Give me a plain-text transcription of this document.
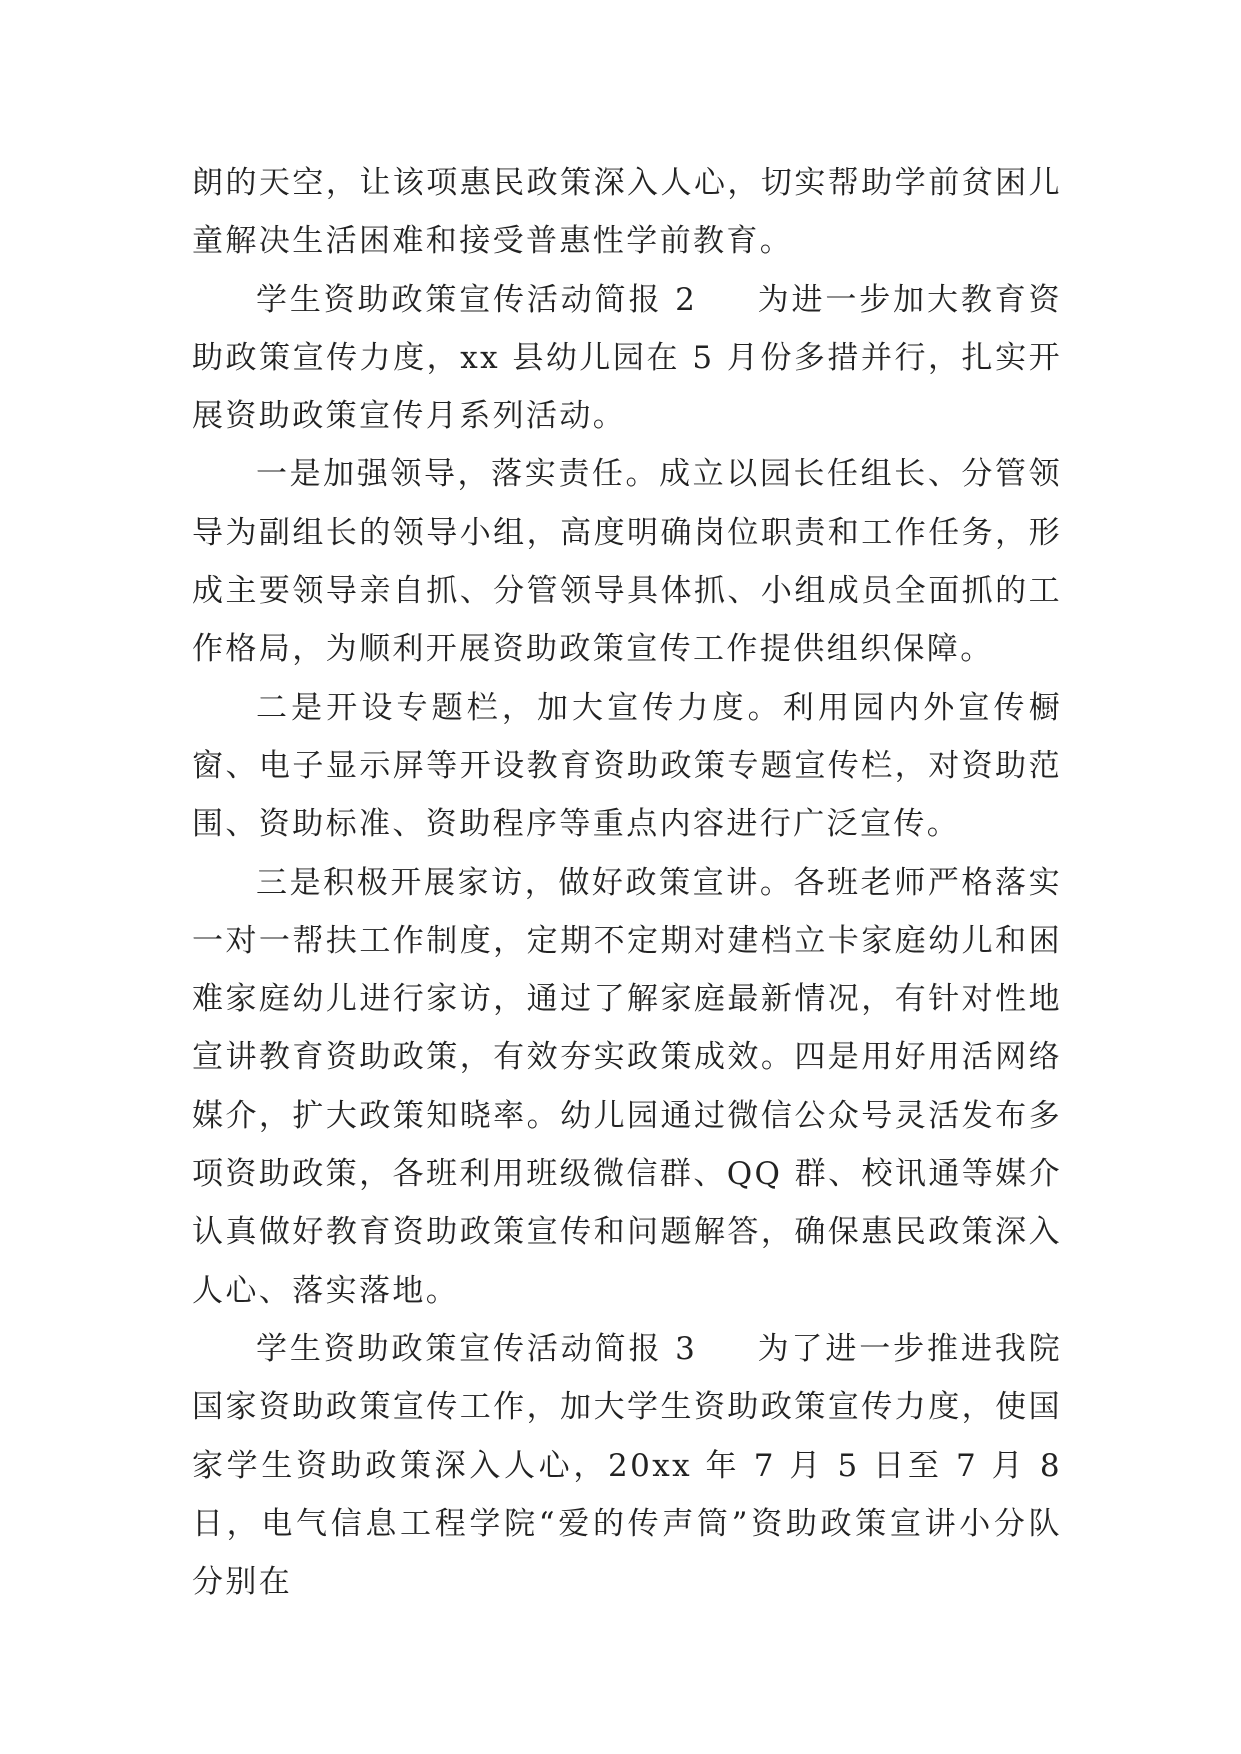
朗的天空，让该项惠民政策深入人心，切实帮助学前贫困儿童解决生活困难和接受普惠性学前教育。

学生资助政策宣传活动简报 2 为进一步加大教育资助政策宣传力度，xx 县幼儿园在 5 月份多措并行，扎实开展资助政策宣传月系列活动。

一是加强领导，落实责任。成立以园长任组长、分管领导为副组长的领导小组，高度明确岗位职责和工作任务，形成主要领导亲自抓、分管领导具体抓、小组成员全面抓的工作格局，为顺利开展资助政策宣传工作提供组织保障。

二是开设专题栏，加大宣传力度。利用园内外宣传橱窗、电子显示屏等开设教育资助政策专题宣传栏，对资助范围、资助标准、资助程序等重点内容进行广泛宣传。

三是积极开展家访，做好政策宣讲。各班老师严格落实一对一帮扶工作制度，定期不定期对建档立卡家庭幼儿和困难家庭幼儿进行家访，通过了解家庭最新情况，有针对性地宣讲教育资助政策，有效夯实政策成效。四是用好用活网络媒介，扩大政策知晓率。幼儿园通过微信公众号灵活发布多项资助政策，各班利用班级微信群、QQ 群、校讯通等媒介认真做好教育资助政策宣传和问题解答，确保惠民政策深入人心、落实落地。

学生资助政策宣传活动简报 3 为了进一步推进我院国家资助政策宣传工作，加大学生资助政策宣传力度，使国家学生资助政策深入人心，20xx 年 7 月 5 日至 7 月 8 日，电气信息工程学院“爱的传声筒”资助政策宣讲小分队分别在
